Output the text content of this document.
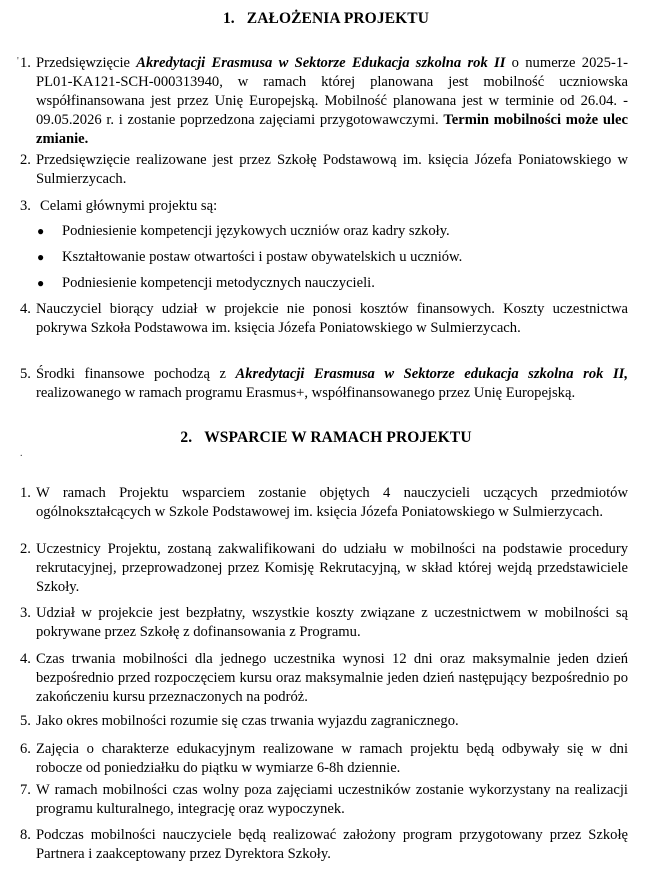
1. ZAŁOŻENIA PROJEKTU
' 1. Przedsięwzięcie Akredytacji Erasmusa w Sektorze Edukacja szkolna rok II o numerze 2025-1-PL01-KA121-SCH-000313940, w ramach której planowana jest mobilność uczniowska współfinansowana jest przez Unię Europejską. Mobilność planowana jest w terminie od 26.04. - 09.05.2026 r. i zostanie poprzedzona zajęciami przygotowawczymi. Termin mobilności może ulec zmianie.
2. Przedsięwzięcie realizowane jest przez Szkołę Podstawową im. księcia Józefa Poniatowskiego w Sulmierzycach.
3. Celami głównymi projektu są:
● Podniesienie kompetencji językowych uczniów oraz kadry szkoły.
● Kształtowanie postaw otwartości i postaw obywatelskich u uczniów.
● Podniesienie kompetencji metodycznych nauczycieli.
4. Nauczyciel biorący udział w projekcie nie ponosi kosztów finansowych. Koszty uczestnictwa pokrywa Szkoła Podstawowa im. księcia Józefa Poniatowskiego w Sulmierzycach.
5. Środki finansowe pochodzą z Akredytacji Erasmusa w Sektorze edukacja szkolna rok II, realizowanego w ramach programu Erasmus+, współfinansowanego przez Unię Europejską.
2. WSPARCIE W RAMACH PROJEKTU
.
1. W ramach Projektu wsparciem zostanie objętych 4 nauczycieli uczących przedmiotów ogólnokształcących w Szkole Podstawowej im. księcia Józefa Poniatowskiego w Sulmierzycach.
2. Uczestnicy Projektu, zostaną zakwalifikowani do udziału w mobilności na podstawie procedury rekrutacyjnej, przeprowadzonej przez Komisję Rekrutacyjną, w skład której wejdą przedstawiciele Szkoły.
3. Udział w projekcie jest bezpłatny, wszystkie koszty związane z uczestnictwem w mobilności są pokrywane przez Szkołę z dofinansowania z Programu.
4. Czas trwania mobilności dla jednego uczestnika wynosi 12 dni oraz maksymalnie jeden dzień bezpośrednio przed rozpoczęciem kursu oraz maksymalnie jeden dzień następujący bezpośrednio po zakończeniu kursu przeznaczonych na podróż.
5. Jako okres mobilności rozumie się czas trwania wyjazdu zagranicznego.
6. Zajęcia o charakterze edukacyjnym realizowane w ramach projektu będą odbywały się w dni robocze od poniedziałku do piątku w wymiarze 6-8h dziennie.
7. W ramach mobilności czas wolny poza zajęciami uczestników zostanie wykorzystany na realizacji programu kulturalnego, integrację oraz wypoczynek.
8. Podczas mobilności nauczyciele będą realizować założony program przygotowany przez Szkołę Partnera i zaakceptowany przez Dyrektora Szkoły.
